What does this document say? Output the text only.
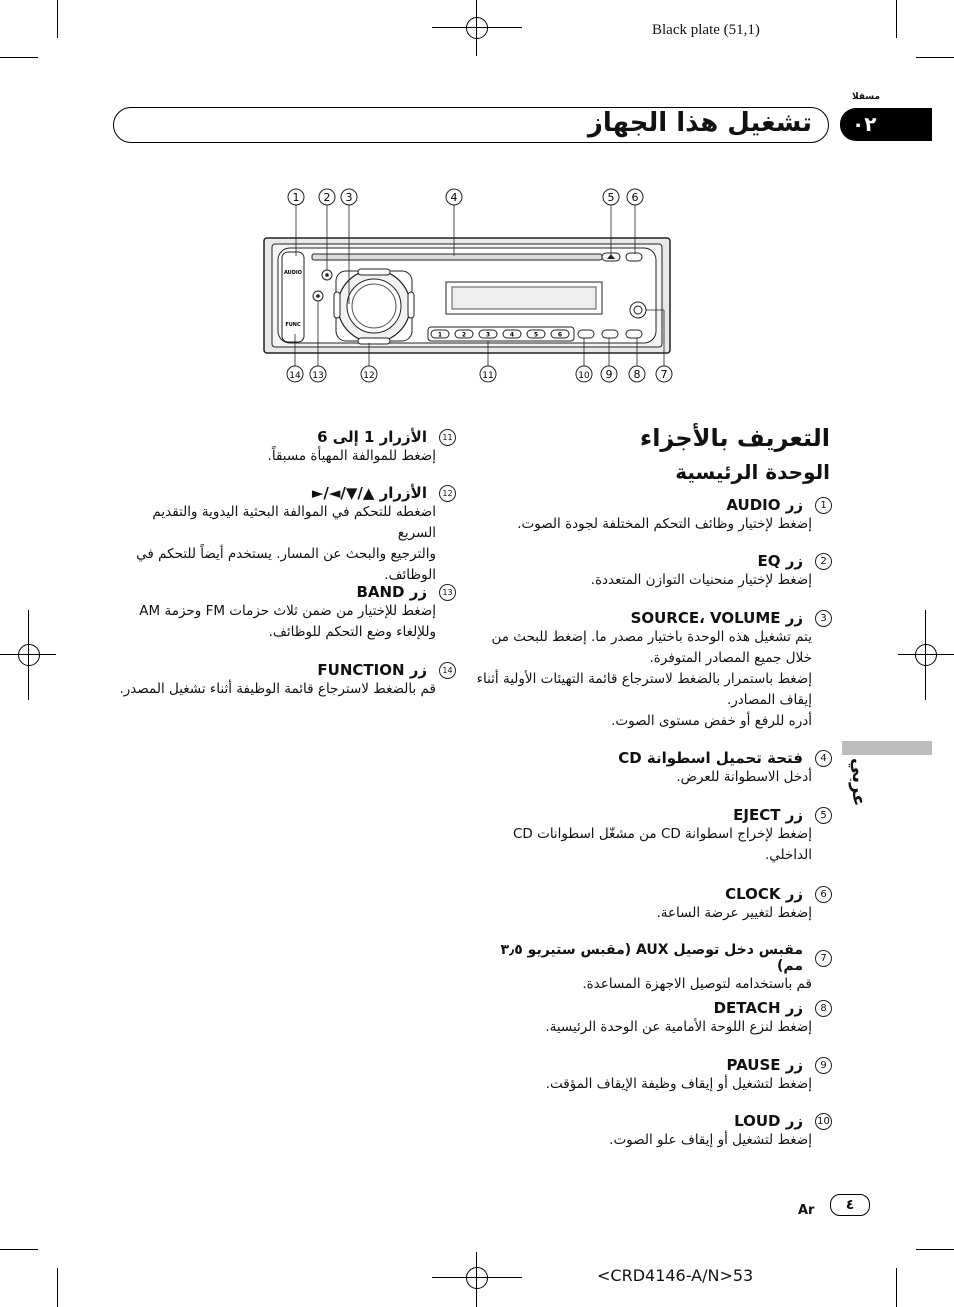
Black plate (51,1)
مسقلا
تشغيل هذا الجهاز	٠٢
عربي
1 2 3	4	5 6
14 13	12	11	10 9 8 7
AUDIO
FUNC
1	2	3	4	5	6
التعريف بالأجزاء
الوحدة الرئيسية
1
زر AUDIO
إضغط لإختيار وظائف التحكم المختلفة لجودة الصوت.
2
زر EQ
إضغط لإختيار منحنيات التوازن المتعددة.
3
زر SOURCE، VOLUME
يتم تشغيل هذه الوحدة باختيار مصدر ما. إضغط للبحث من
خلال جميع المصادر المتوفرة.
إضغط باستمرار بالضغط لاسترجاع قائمة التهيئات الأولية أثناء
إيقاف المصادر.
أدره للرفع أو خفض مستوى الصوت.
4
فتحة تحميل اسطوانة CD
أدخل الاسطوانة للعرض.
5
زر EJECT
إضغط لإخراج اسطوانة CD من مشغّل اسطوانات CD
الداخلي.
6
زر CLOCK
إضغط لتغيير عرضة الساعة.
7
مقبس دخل توصيل AUX (مقبس ستيريو ٣٫٥ مم)
قم باستخدامه لتوصيل الاجهزة المساعدة.
8
زر DETACH
إضغط لنزع اللوحة الأمامية عن الوحدة الرئيسية.
9
زر PAUSE
إضغط لتشغيل أو إيقاف وظيفة الإيقاف المؤقت.
10
زر LOUD
إضغط لتشغيل أو إيقاف علو الصوت.
11
الأزرار 1 إلى 6
إضغط للموالفة المهيأة مسبقاً.
12
الأزرار ▲/▼/◄/►
اضغطه للتحكم في الموالفة البحثية اليدوية والتقديم السريع
والترجيع والبحث عن المسار. يستخدم أيضاً للتحكم في
الوظائف.
13
زر BAND
إضغط للإختيار من ضمن ثلاث حزمات FM وحزمة AM
وللإلغاء وضع التحكم للوظائف.
14
زر FUNCTION
قم بالضغط لاسترجاع قائمة الوظيفة أثناء تشغيل المصدر.
Ar	٤
<CRD4146-A/N>53
